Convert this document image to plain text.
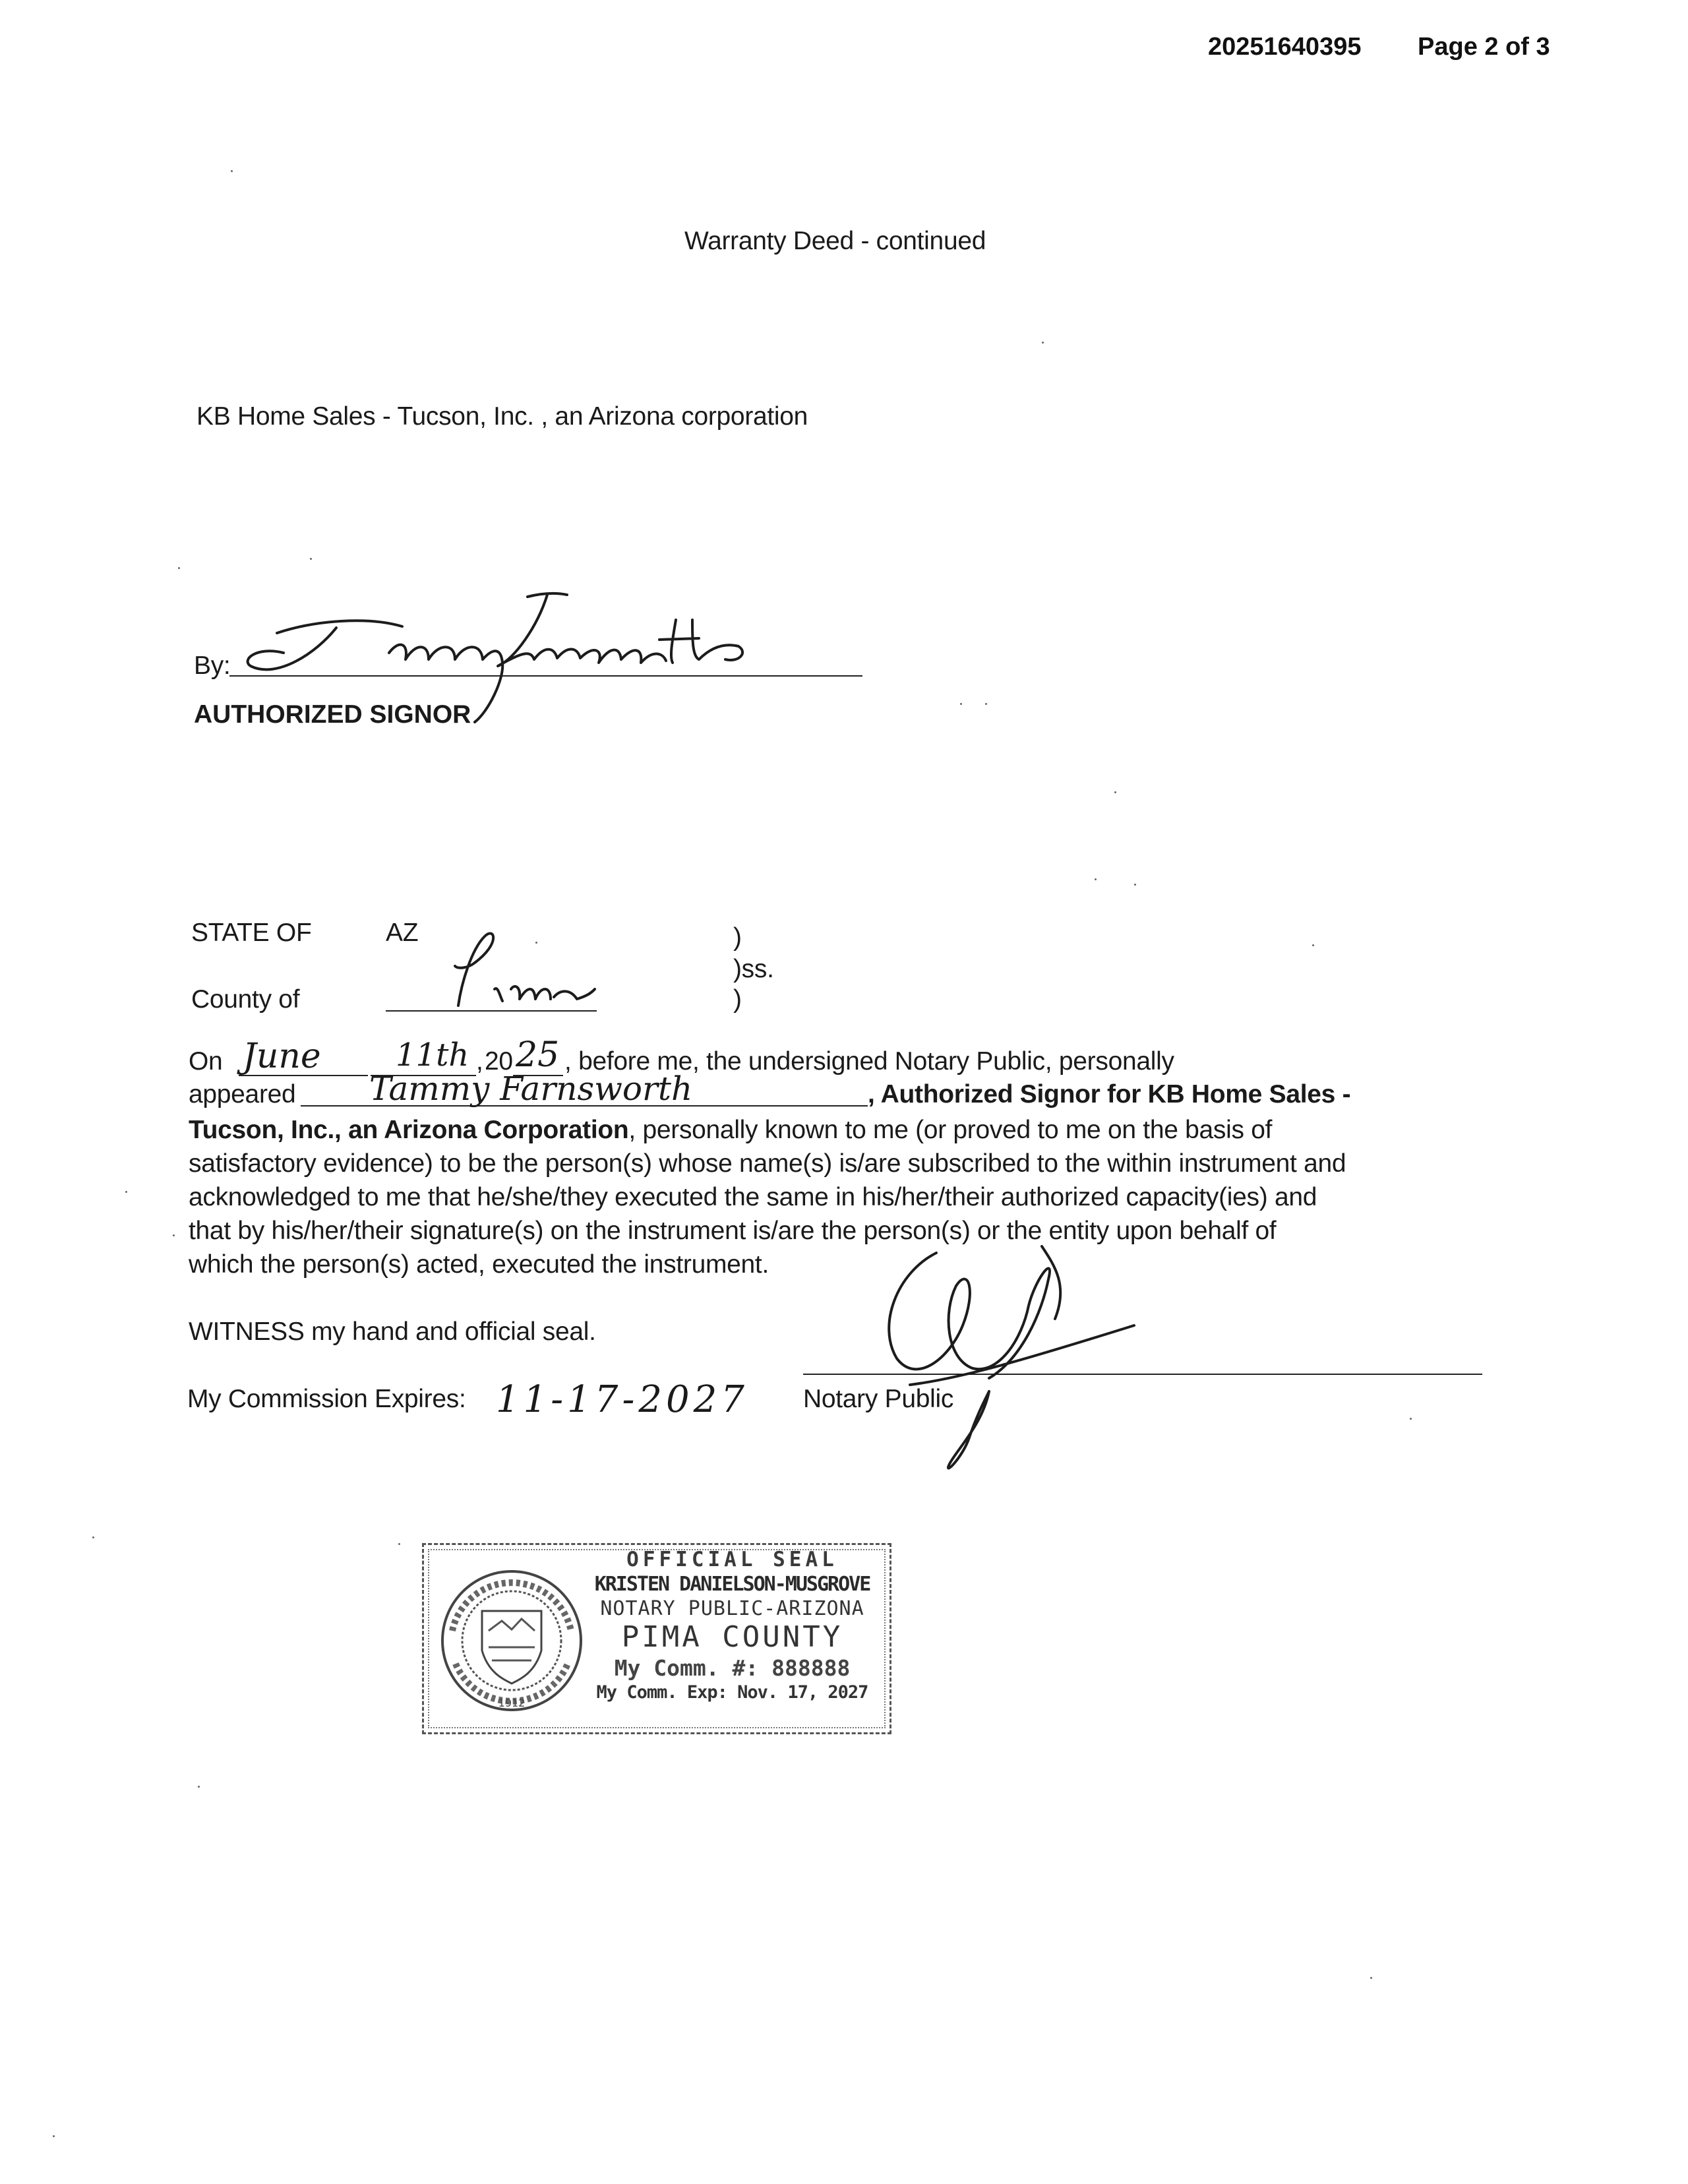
20251640395 Page 2 of 3
Warranty Deed - continued
KB Home Sales - Tucson, Inc. , an Arizona corporation
By:
AUTHORIZED SIGNOR
STATE OF	AZ	)
)ss.
)
County of
On June 11th , 20 25 , before me, the undersigned Notary Public, personally
appeared Tammy Farnsworth	, Authorized Signor for KB Home Sales -
Tucson, Inc., an Arizona Corporation, personally known to me (or proved to me on the basis of
satisfactory evidence) to be the person(s) whose name(s) is/are subscribed to the within instrument and
acknowledged to me that he/she/they executed the same in his/her/their authorized capacity(ies) and
that by his/her/their signature(s) on the instrument is/are the person(s) or the entity upon behalf of
which the person(s) acted, executed the instrument.
WITNESS my hand and official seal.
My Commission Expires: 11-17-2027 Notary Public
1912
OFFICIAL SEAL
KRISTEN DANIELSON-MUSGROVE
NOTARY PUBLIC-ARIZONA
PIMA COUNTY
My Comm. #: 888888
My Comm. Exp: Nov. 17, 2027
